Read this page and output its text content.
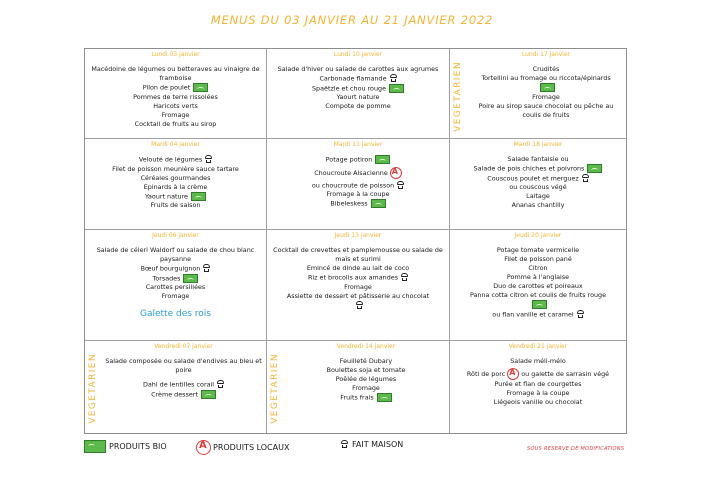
MENUS DU 03 JANVIER AU 21 JANVIER 2022
Lundi 03 janvier
Macédoine de légumes ou betteraves au vinaigre de framboise
Pilon de poulet
Pommes de terre rissolées
Haricots verts
Fromage
Cocktail de fruits au sirop
Lundi 10 janvier
Salade d'hiver ou salade de carottes aux agrumes
Carbonade flamande
Spaëtzle et chou rouge
Yaourt nature
Compote de pomme	VEGETARIEN
Lundi 17 janvier
Crudités
Tortellini au fromage ou riccota/épinards
Fromage
Poire au sirop sauce chocolat ou pêche au coulis de fruits
Mardi 04 janvier
Velouté de légumes
Filet de poisson meunière sauce tartare
Céréales gourmandes
Epinards à la crème
Yaourt nature
Fruits de saison
Mardi 11 janvier
Potage potiron
Choucroute AlsacienneA
ou choucroute de poisson
Fromage à la coupe
Bibeleskess
Mardi 18 janvier
Salade fantaisie ou
Salade de pois chiches et poivrons
Couscous poulet et merguez
ou couscous végé
Laitage
Ananas chantilly
Jeudi 06 janvier
Salade de céleri Waldorf ou salade de chou blanc paysanne
Bœuf bourguignon
Torsades
Carottes persillées
Fromage
Galette des rois
Jeudi 13 janvier
Cocktail de crevettes et pamplemousse ou salade de maïs et surimi
Emincé de dinde au lait de coco
Riz et brocolis aux amandes
Fromage
Assiette de dessert et pâtisserie au chocolat
Jeudi 20 janvier
Potage tomate vermicelle
Filet de poisson pané
Citron
Pomme à l'anglaise
Duo de carottes et poireaux
Panna cotta citron et coulis de fruits rouge
ou flan vanille et caramel
VEGETARIEN
Vendredi 07 janvier
Salade composée ou salade d'endives au bleu et poire
Dahl de lentilles corail
Crème dessert	VEGETARIEN
Vendredi 14 janvier
Feuilleté Dubary
Boulettes soja et tomate
Poêlée de légumes
Fromage
Fruits frais
Vendredi 21 janvier
Salade méli-mélo
Rôti de porc A	ou galette de sarrasin végé
Purée et flan de courgettes
Fromage à la coupe
Liégeois vanille ou chocolat
PRODUITS BIO A	PRODUITS LOCAUX	FAIT MAISON	SOUS RESERVE DE MODIFICATIONS
